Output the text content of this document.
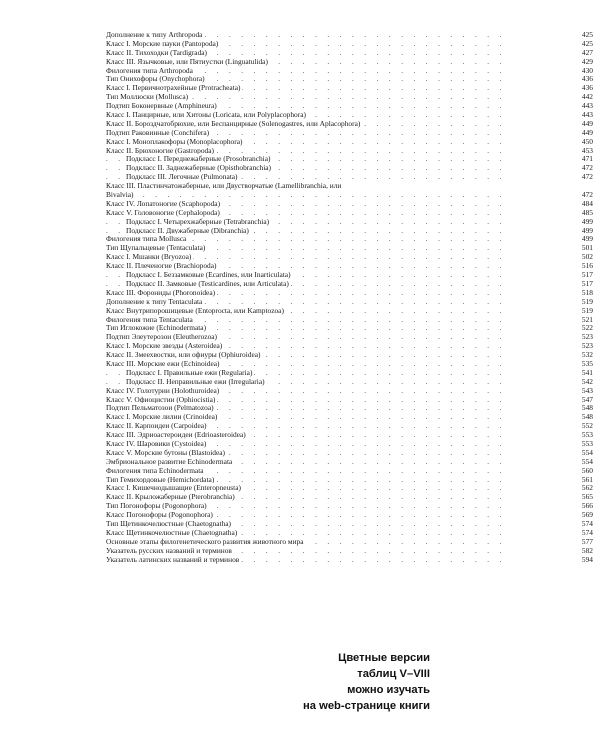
. . .
Дополнение к типу Arthropoda	425
. . .
Класс I. Морские пауки (Pantopoda)	425
. . .
Класс II. Тихоходки (Tardigrada)	427
. . .
Класс III. Язычковые, или Пятиустки (Linguatulida)	429
. . .
Филогения типа Arthropoda	430
. . .
Тип Онихофоры (Onychophora)	436
. . .
Класс I. Первичнотрахейные (Protracheata)	436
. . .
Тип Моллюски (Mollusca)	442
. . .
Подтип Боконервные (Amphineura)	443
. . .
Класс I. Панцирные, или Хитоны (Loricata, или Polyplacophora)	443
. . .
Класс II. Бороздчатобрюхие, или Беспанцирные (Solenogastres, или Aplacophora)	449
. . .
Подтип Раковинные (Conchifera)	449
. . .
Класс I. Моноплакофоры (Monoplacophora)	450
. . .
Класс II. Брюхоногие (Gastropoda)	453
. . .
Подкласс I. Переднежаберные (Prosobranchia)	471
. . .
Подкласс II. Заднежаберные (Opisthobranchia)	472
. . .
Подкласс III. Легочные (Pulmonata)	472
Класс III. Пластинчатожаберные, или Двустворчатые (Lamellibranchia, или
. . .
Bivalvia)	472
. . .
Класс IV. Лопатоногие (Scaphopoda)	484
. . .
Класс V. Головоногие (Cephalopoda)	485
. . .
Подкласс I. Четырехжаберные (Tetrabranchia)	499
. . .
Подкласс II. Двужаберные (Dibranchia)	499
. . .
Филогения типа Mollusca	499
. . .
Тип Щупальцевые (Tentaculata)	501
. . .
Класс I. Мшанки (Bryozoa)	502
. . .
Класс II. Плеченогие (Brachiopoda)	516
. . .
Подкласс I. Беззамковые (Ecardines, или Inarticulata)	517
. . .
Подкласс II. Замковые (Testicardines, или Articulata)	517
. . .
Класс III. Форониды (Phoronoidea)	518
. . .
Дополнение к типу Tentaculata	519
. . .
Класс Внутрипорошицевые (Entoprocta, или Kamptozoa)	519
. . .
Филогения типа Tentaculata	521
. . .
Тип Иглокожие (Echinodermata)	522
. . .
Подтип Элеутерозои (Eleutherozoa)	523
. . .
Класс I. Морские звезды (Asteroidea)	523
. . .
Класс II. Змеехвостки, или офиуры (Ophiuroidea)	532
. . .
Класс III. Морские ежи (Echinoidea)	535
. . .
Подкласс I. Правильные ежи (Regularia)	541
. . .
Подкласс II. Неправильные ежи (Irregularia)	542
. . .
Класс IV. Голотурии (Holothuroidea)	543
. . .
Класс V. Офиоцистии (Ophiocistia)	547
. . .
Подтип Пельматозои (Pelmatozoa)	548
. . .
Класс I. Морские лилии (Crinoidea)	548
. . .
Класс II. Карпоидеи (Carpoidea)	552
. . .
Класс III. Эдриоастероидеи (Edrioasteroidea)	553
. . .
Класс IV. Шаровики (Cystoidea)	553
. . .
Класс V. Морские бутоны (Blastoidea)	554
. . .
Эмбриональное развитие Echinodermata	554
. . .
Филогения типа Echinodermata	560
. . .
Тип Гемихордовые (Hemichordata)	561
. . .
Класс I. Кишечнодышащие (Enteropneusta)	562
. . .
Класс II. Крыложаберные (Pterobranchia)	565
. . .
Тип Погонофоры (Pogonophora)	566
. . .
Класс Погонофоры (Pogonophora)	569
. . .
Тип Щетинкочелюстные (Chaetognatha)	574
. . .
Класс Щетинкочелюстные (Chaetognatha)	574
. . .
Основные этапы филогенетического развития животного мира	577
. . .
Указатель русских названий и терминов	582
. . .
Указатель латинских названий и терминов	594
Цветные версии
таблиц V–VIII
можно изучать
на web-странице книги
